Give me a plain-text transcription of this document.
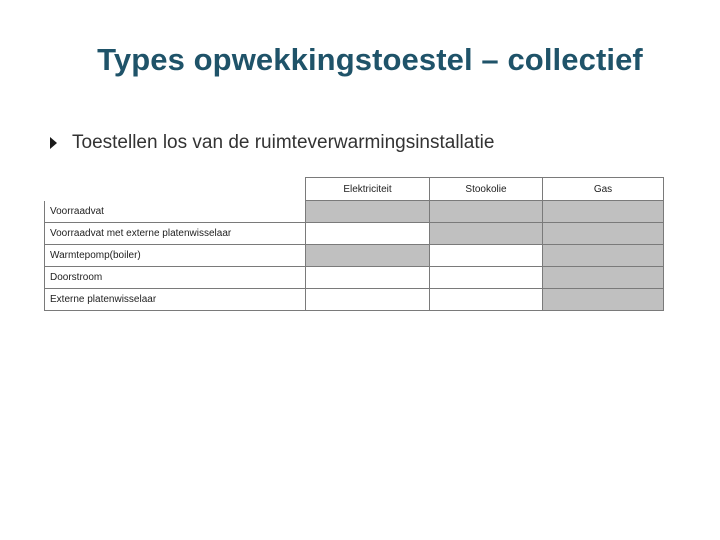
Types opwekkingstoestel – collectief
Toestellen los van de ruimteverwarmingsinstallatie
	Elektriciteit	Stookolie	Gas
Voorraadvat			
Voorraadvat met externe platenwisselaar			
Warmtepomp(boiler)			
Doorstroom			
Externe platenwisselaar			
